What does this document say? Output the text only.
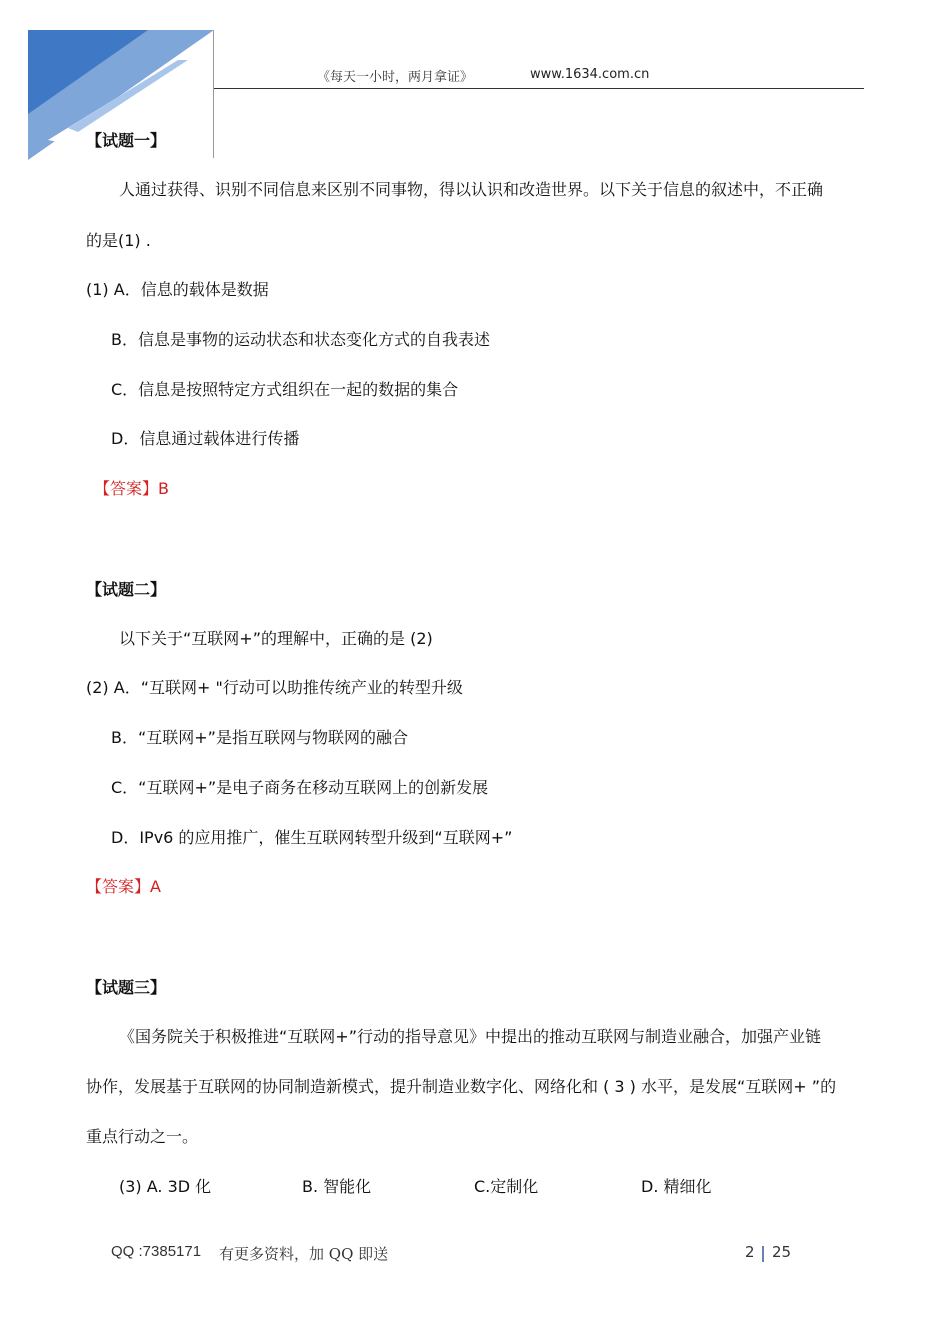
《每天一小时，两月拿证》	www.1634.com.cn
【试题一】
人通过获得、识别不同信息来区别不同事物，得以认识和改造世界。以下关于信息的叙述中，不正确
的是(1) .
(1) A．信息的载体是数据
B．信息是事物的运动状态和状态变化方式的自我表述
C．信息是按照特定方式组织在一起的数据的集合
D．信息通过载体进行传播
【答案】B
【试题二】
以下关于“互联网+”的理解中，正确的是 (2)
(2) A．“互联网+ "行动可以助推传统产业的转型升级
B．“互联网+”是指互联网与物联网的融合
C．“互联网+”是电子商务在移动互联网上的创新发展
D．IPv6 的应用推广，催生互联网转型升级到“互联网+”
【答案】A
【试题三】
《国务院关于积极推进“互联网+”行动的指导意见》中提出的推动互联网与制造业融合，加强产业链
协作，发展基于互联网的协同制造新模式，提升制造业数字化、网络化和 ( 3 ) 水平，是发展“互联网+ ”的
重点行动之一。
(3) A. 3D 化	B. 智能化	C.定制化	D. 精细化
QQ :7385171 有更多资料，加 QQ 即送	2 25
